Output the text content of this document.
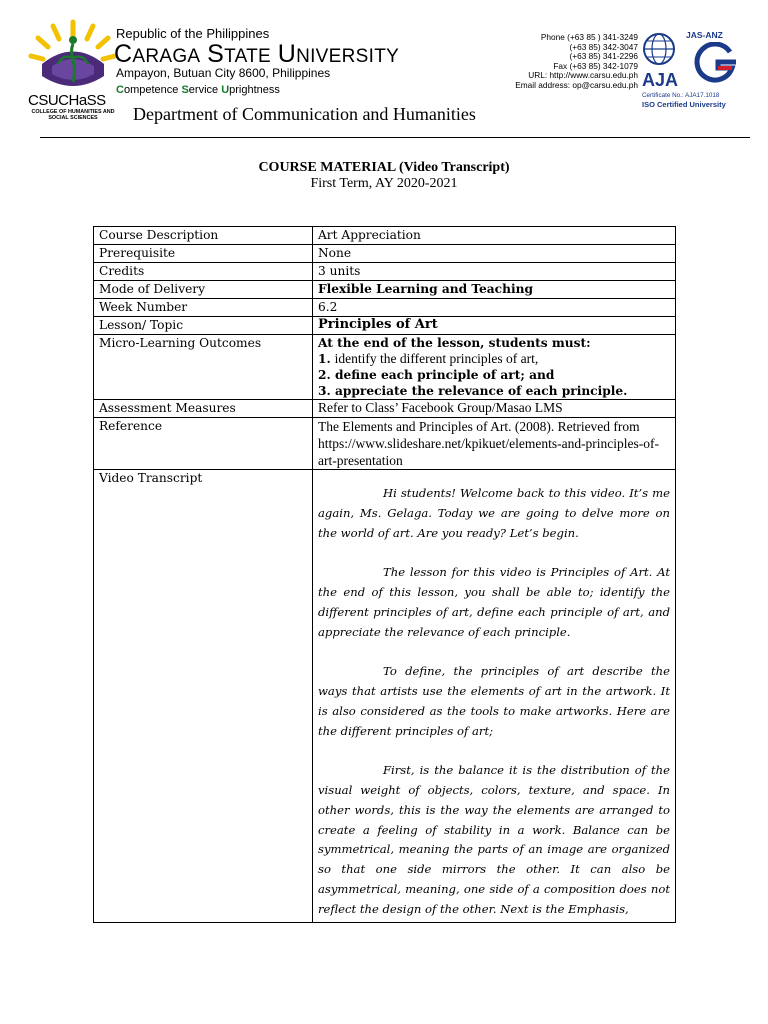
CSUCHaSS
COLLEGE OF HUMANITIES AND SOCIAL SCIENCES
Republic of the Philippines
CARAGA STATE UNIVERSITY
Ampayon, Butuan City 8600, Philippines
Competence Service Uprightness
Department of Communication and Humanities
Phone (+63 85 ) 341-3249
(+63 85) 342-3047
(+63 85) 341-2296
Fax (+63 85) 342-1079
URL: http://www.carsu.edu.ph
Email address: op@carsu.edu.ph
JAS-ANZ
AJA
Certificate No.: AJA17.1018
ISO Certified University
COURSE MATERIAL (Video Transcript)
First Term, AY 2020-2021
Course Description	Art Appreciation
Prerequisite	None
Credits	3 units
Mode of Delivery	Flexible Learning and Teaching
Week Number	6.2
Lesson/ Topic	Principles of Art
Micro-Learning Outcomes	At the end of the lesson, students must:
1. identify the different principles of art,
2. define each principle of art; and
3. appreciate the relevance of each principle.

Assessment Measures	Refer to Class’ Facebook Group/Masao LMS
Reference	The Elements and Principles of Art. (2008). Retrieved from https://www.slideshare.net/kpikuet/elements-and-principles-of-art-presentation
Video Transcript	Hi students! Welcome back to this video. It’s me again, Ms. Gelaga. Today we are going to delve more on the world of art. Are you ready? Let’s begin.

The lesson for this video is Principles of Art. At the end of this lesson, you shall be able to; identify the different principles of art, define each principle of art, and appreciate the relevance of each principle.

To define, the principles of art describe the ways that artists use the elements of art in the artwork. It is also considered as the tools to make artworks. Here are the different principles of art;

First, is the balance it is the distribution of the visual weight of objects, colors, texture, and space. In other words, this is the way the elements are arranged to create a feeling of stability in a work. Balance can be symmetrical, meaning the parts of an image are organized so that one side mirrors the other. It can also be asymmetrical, meaning, one side of a composition does not reflect the design of the other. Next is the Emphasis,
